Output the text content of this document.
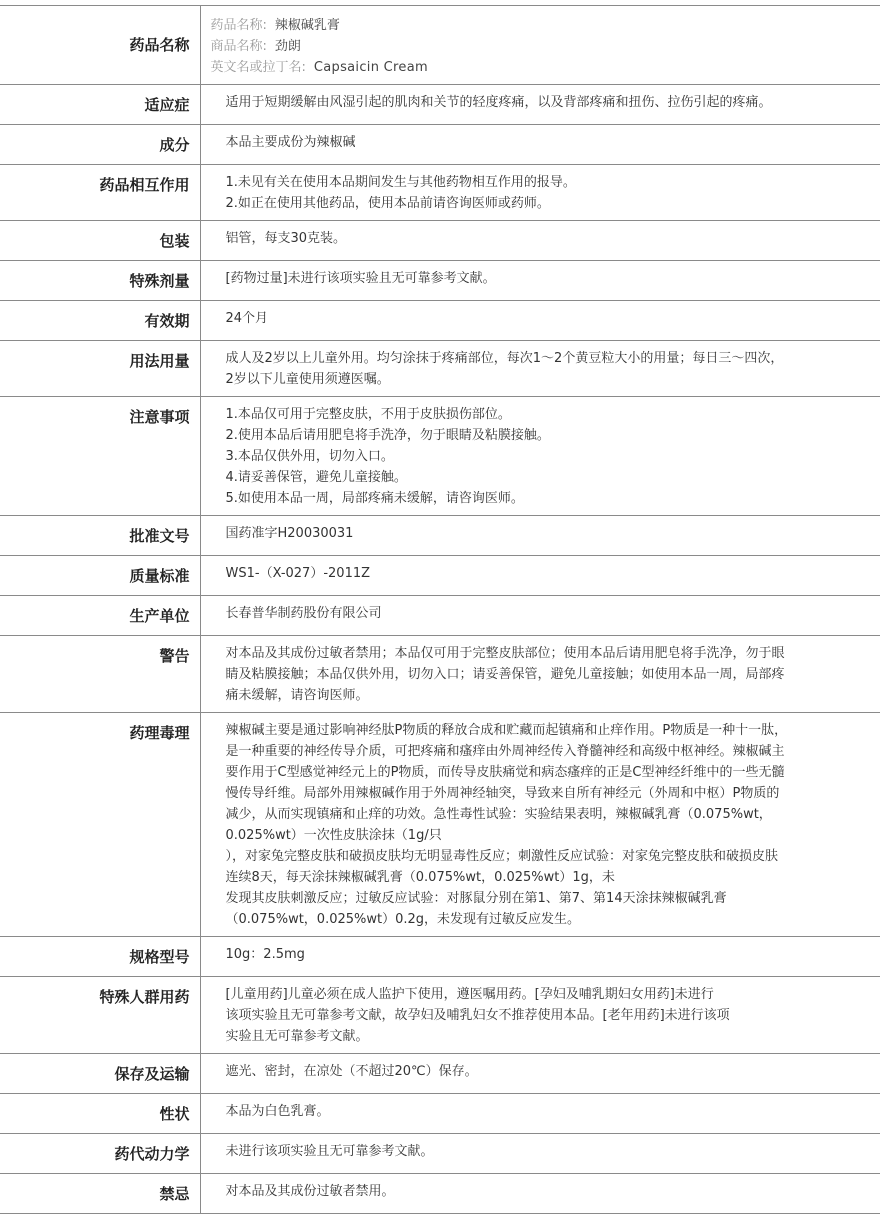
药品名称	药品名称: 辣椒碱乳膏
商品名称: 劲朗
英文名或拉丁名: Capsaicin Cream

适应症	适用于短期缓解由风湿引起的肌肉和关节的轻度疼痛，以及背部疼痛和扭伤、拉伤引起的疼痛。

成分	本品主要成份为辣椒碱

药品相互作用	1.未见有关在使用本品期间发生与其他药物相互作用的报导。
2.如正在使用其他药品，使用本品前请咨询医师或药师。

包装	铝管，每支30克装。

特殊剂量	[药物过量]未进行该项实验且无可靠参考文献。

有效期	24个月

用法用量	成人及2岁以上儿童外用。均匀涂抹于疼痛部位，每次1～2个黄豆粒大小的用量；每日三～四次，2岁以下儿童使用须遵医嘱。

注意事项	1.本品仅可用于完整皮肤，不用于皮肤损伤部位。
2.使用本品后请用肥皂将手洗净，勿于眼睛及粘膜接触。
3.本品仅供外用，切勿入口。
4.请妥善保管，避免儿童接触。
5.如使用本品一周，局部疼痛未缓解，请咨询医师。

批准文号	国药准字H20030031

质量标准	WS1-（X-027）-2011Z

生产单位	长春普华制药股份有限公司

警告	对本品及其成份过敏者禁用；本品仅可用于完整皮肤部位；使用本品后请用肥皂将手洗净，勿于眼睛及粘膜接触；本品仅供外用，切勿入口；请妥善保管，避免儿童接触；如使用本品一周，局部疼痛未缓解，请咨询医师。

药理毒理	辣椒碱主要是通过影响神经肽P物质的释放合成和贮藏而起镇痛和止痒作用。P物质是一种十一肽，是一种重要的神经传导介质，可把疼痛和瘙痒由外周神经传入脊髓神经和高级中枢神经。辣椒碱主要作用于C型感觉神经元上的P物质，而传导皮肤痛觉和病态瘙痒的正是C型神经纤维中的一些无髓慢传导纤维。局部外用辣椒碱作用于外周神经轴突，导致来自所有神经元（外周和中枢）P物质的减少，从而实现镇痛和止痒的功效。急性毒性试验：实验结果表明，辣椒碱乳膏（0.075%wt，0.025%wt）一次性皮肤涂抹（1g/只
），对家兔完整皮肤和破损皮肤均无明显毒性反应；刺激性反应试验：对家兔完整皮肤和破损皮肤连续8天，每天涂抹辣椒碱乳膏（0.075%wt，0.025%wt）1g，未
发现其皮肤刺激反应；过敏反应试验：对豚鼠分别在第1、第7、第14天涂抹辣椒碱乳膏（0.075%wt，0.025%wt）0.2g，未发现有过敏反应发生。

规格型号	10g：2.5mg

特殊人群用药	[儿童用药]儿童必须在成人监护下使用，遵医嘱用药。[孕妇及哺乳期妇女用药]未进行
该项实验且无可靠参考文献，故孕妇及哺乳妇女不推荐使用本品。[老年用药]未进行该项
实验且无可靠参考文献。

保存及运输	遮光、密封，在凉处（不超过20℃）保存。

性状	本品为白色乳膏。

药代动力学	未进行该项实验且无可靠参考文献。

禁忌	对本品及其成份过敏者禁用。
